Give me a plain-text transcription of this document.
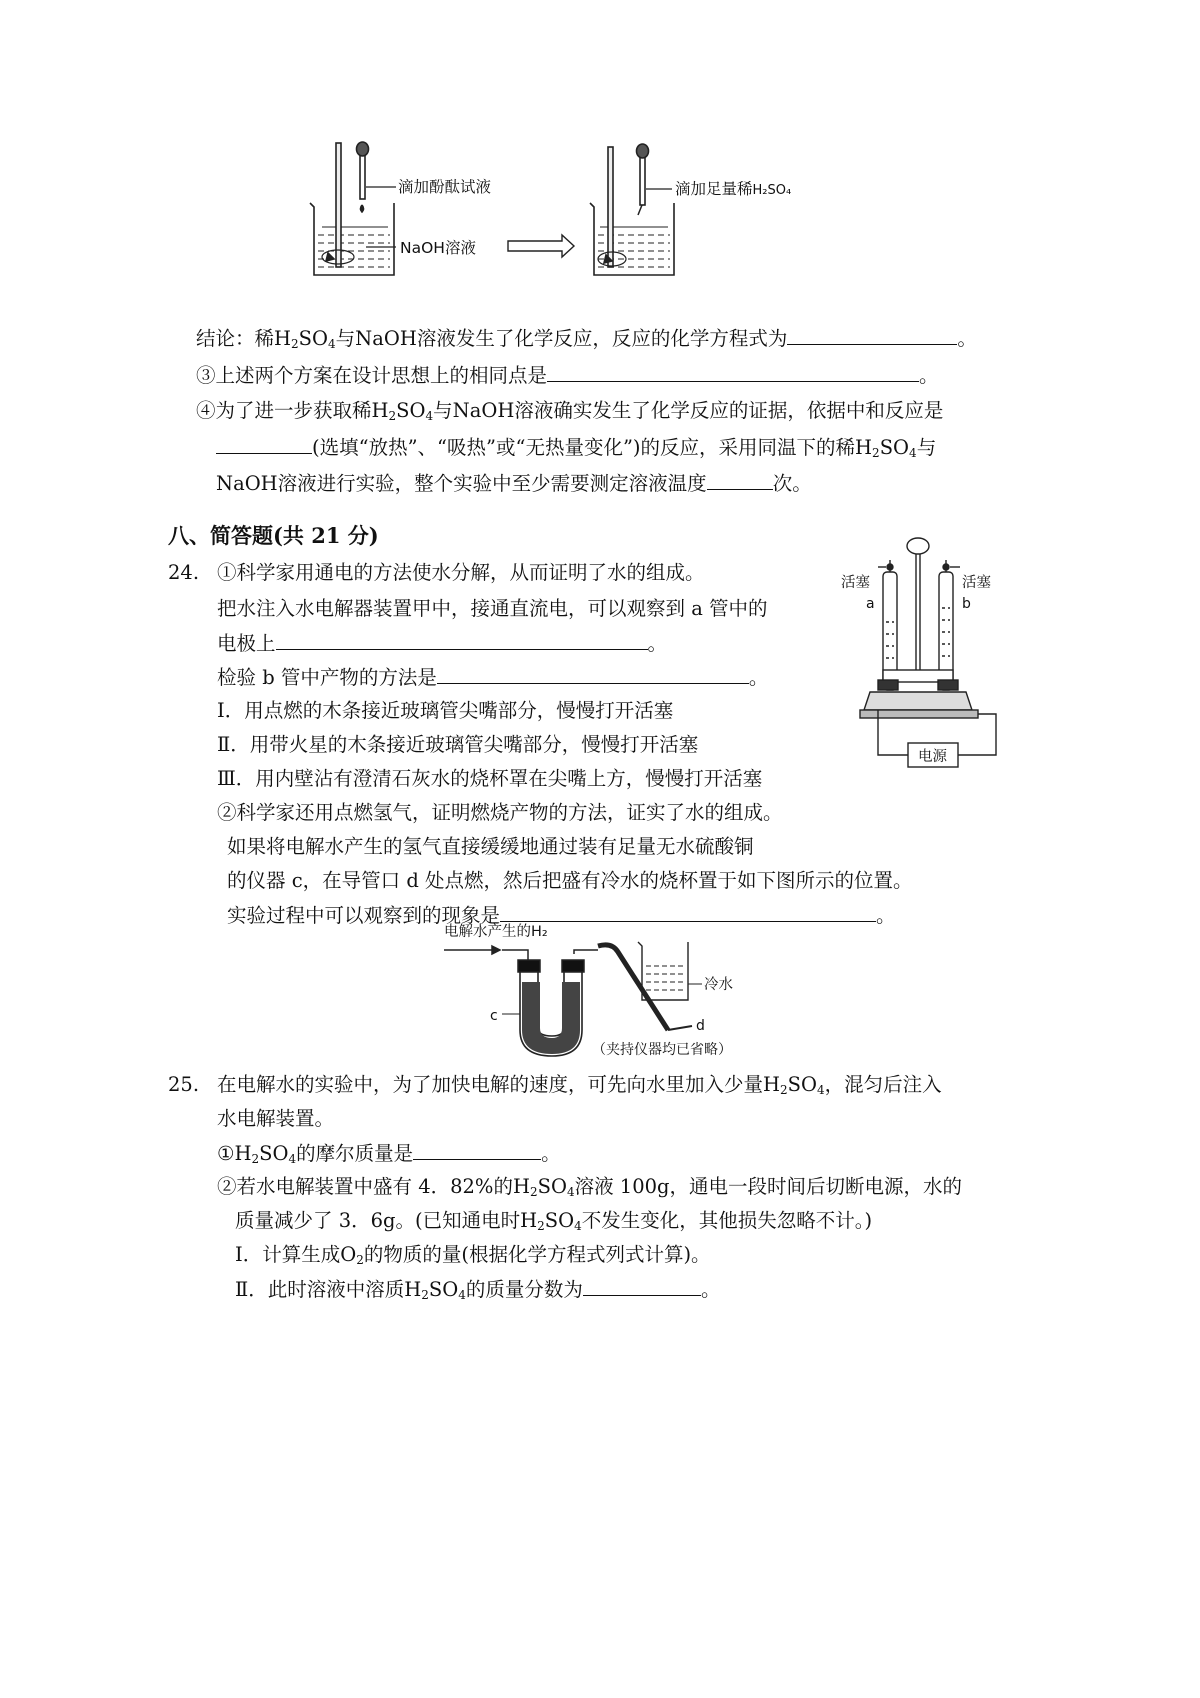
滴加酚酞试液
NaOH溶液
滴加足量稀H₂SO₄
结论：稀$H_2SO_4$与NaOH溶液发生了化学反应，反应的化学方程式为	。
③上述两个方案在设计思想上的相同点是	。
④为了进一步获取稀$H_2SO_4$与NaOH溶液确实发生了化学反应的证据，依据中和反应是
(选填“放热”、“吸热”或“无热量变化”)的反应，采用同温下的稀$H_2SO_4$与
NaOH溶液进行实验，整个实验中至少需要测定溶液温度	次。
八、简答题(共 21 分)
24. ①科学家用通电的方法使水分解，从而证明了水的组成。
把水注入水电解器装置甲中，接通直流电，可以观察到 a 管中的
电极上	。
检验 b 管中产物的方法是	。
Ⅰ．用点燃的木条接近玻璃管尖嘴部分，慢慢打开活塞
Ⅱ．用带火星的木条接近玻璃管尖嘴部分，慢慢打开活塞
Ⅲ．用内壁沾有澄清石灰水的烧杯罩在尖嘴上方，慢慢打开活塞
②科学家还用点燃氢气，证明燃烧产物的方法，证实了水的组成。
如果将电解水产生的氢气直接缓缓地通过装有足量无水硫酸铜
的仪器 c，在导管口 d 处点燃，然后把盛有冷水的烧杯置于如下图所示的位置。
实验过程中可以观察到的现象是	。
活塞	活塞
a	b
电源
电解水产生的H₂
冷水
c
d
（夹持仪器均已省略）
25. 在电解水的实验中，为了加快电解的速度，可先向水里加入少量$H_2SO_4$，混匀后注入
水电解装置。
$①H_2SO_4$的摩尔质量是	。
②若水电解装置中盛有 4．82%的$H_2SO_4$溶液 100g，通电一段时间后切断电源，水的
质量减少了 3．6g。(已知通电时$H_2SO_4$不发生变化，其他损失忽略不计。)
Ⅰ．计算生成$O_2$的物质的量(根据化学方程式列式计算)。
Ⅱ．此时溶液中溶质$H_2SO_4$的质量分数为	。
